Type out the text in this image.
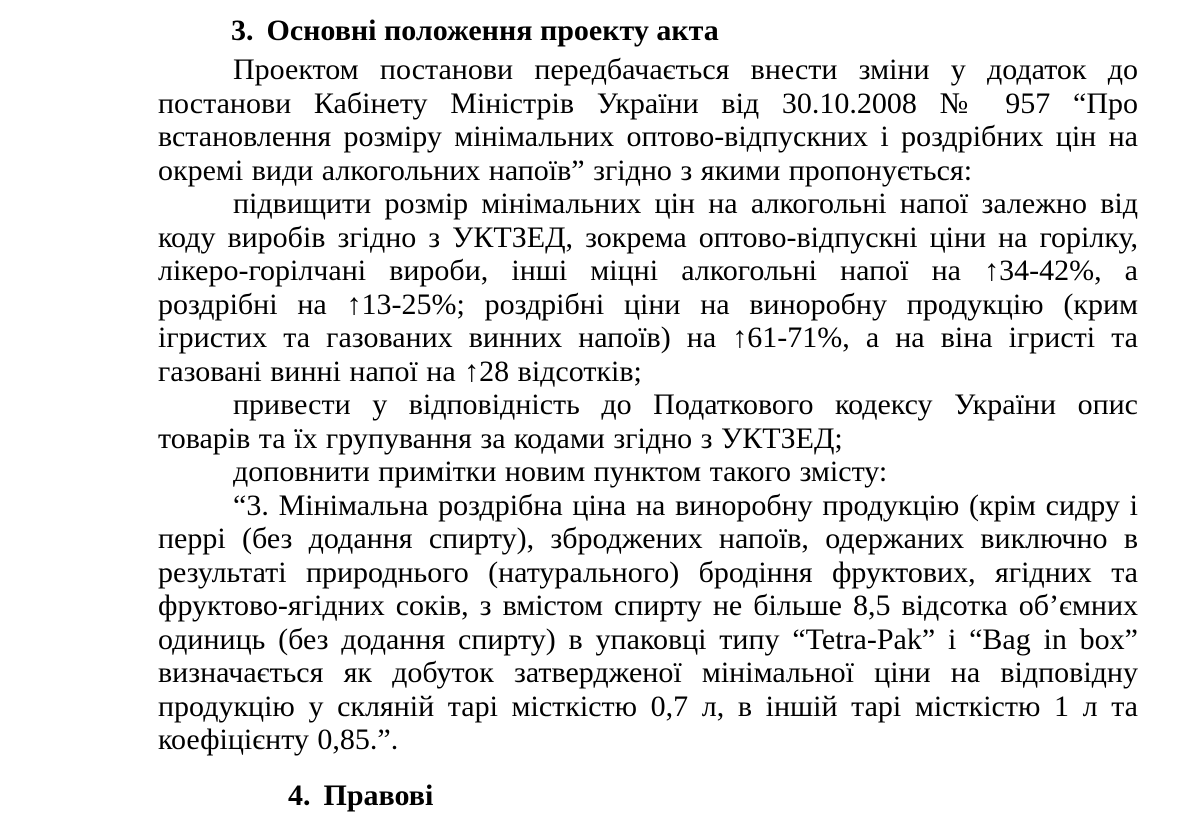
3. Основні положення проекту акта

Проектом постанови передбачається внести зміни у додаток до постанови Кабінету Міністрів України від 30.10.2008 № 957 “Про встановлення розміру мінімальних оптово-відпускних і роздрібних цін на окремі види алкогольних напоїв” згідно з якими пропонується:

підвищити розмір мінімальних цін на алкогольні напої залежно від коду виробів згідно з УКТЗЕД, зокрема оптово-відпускні ціни на горілку, лікеро-горілчані вироби, інші міцні алкогольні напої на ↑34-42%, а роздрібні на ↑13-25%; роздрібні ціни на виноробну продукцію (крим ігристих та газованих винних напоїв) на ↑61-71%, а на віна ігристі та газовані винні напої на ↑28 відсотків;

привести у відповідність до Податкового кодексу України опис товарів та їх групування за кодами згідно з УКТЗЕД;

доповнити примітки новим пунктом такого змісту:

“3. Мінімальна роздрібна ціна на виноробну продукцію (крім сидру і перрі (без додання спирту), зброджених напоїв, одержаних виключно в результаті природнього (натурального) бродіння фруктових, ягідних та фруктово-ягідних соків, з вмістом спирту не більше 8,5 відсотка об’ємних одиниць (без додання спирту) в упаковці типу “Tetra-Pak” і “Bag in box” визначається як добуток затвердженої мінімальної ціни на відповідну продукцію у скляній тарі місткістю 0,7 л, в іншій тарі місткістю 1 л та коефіцієнту 0,85.”.

4. Правові
